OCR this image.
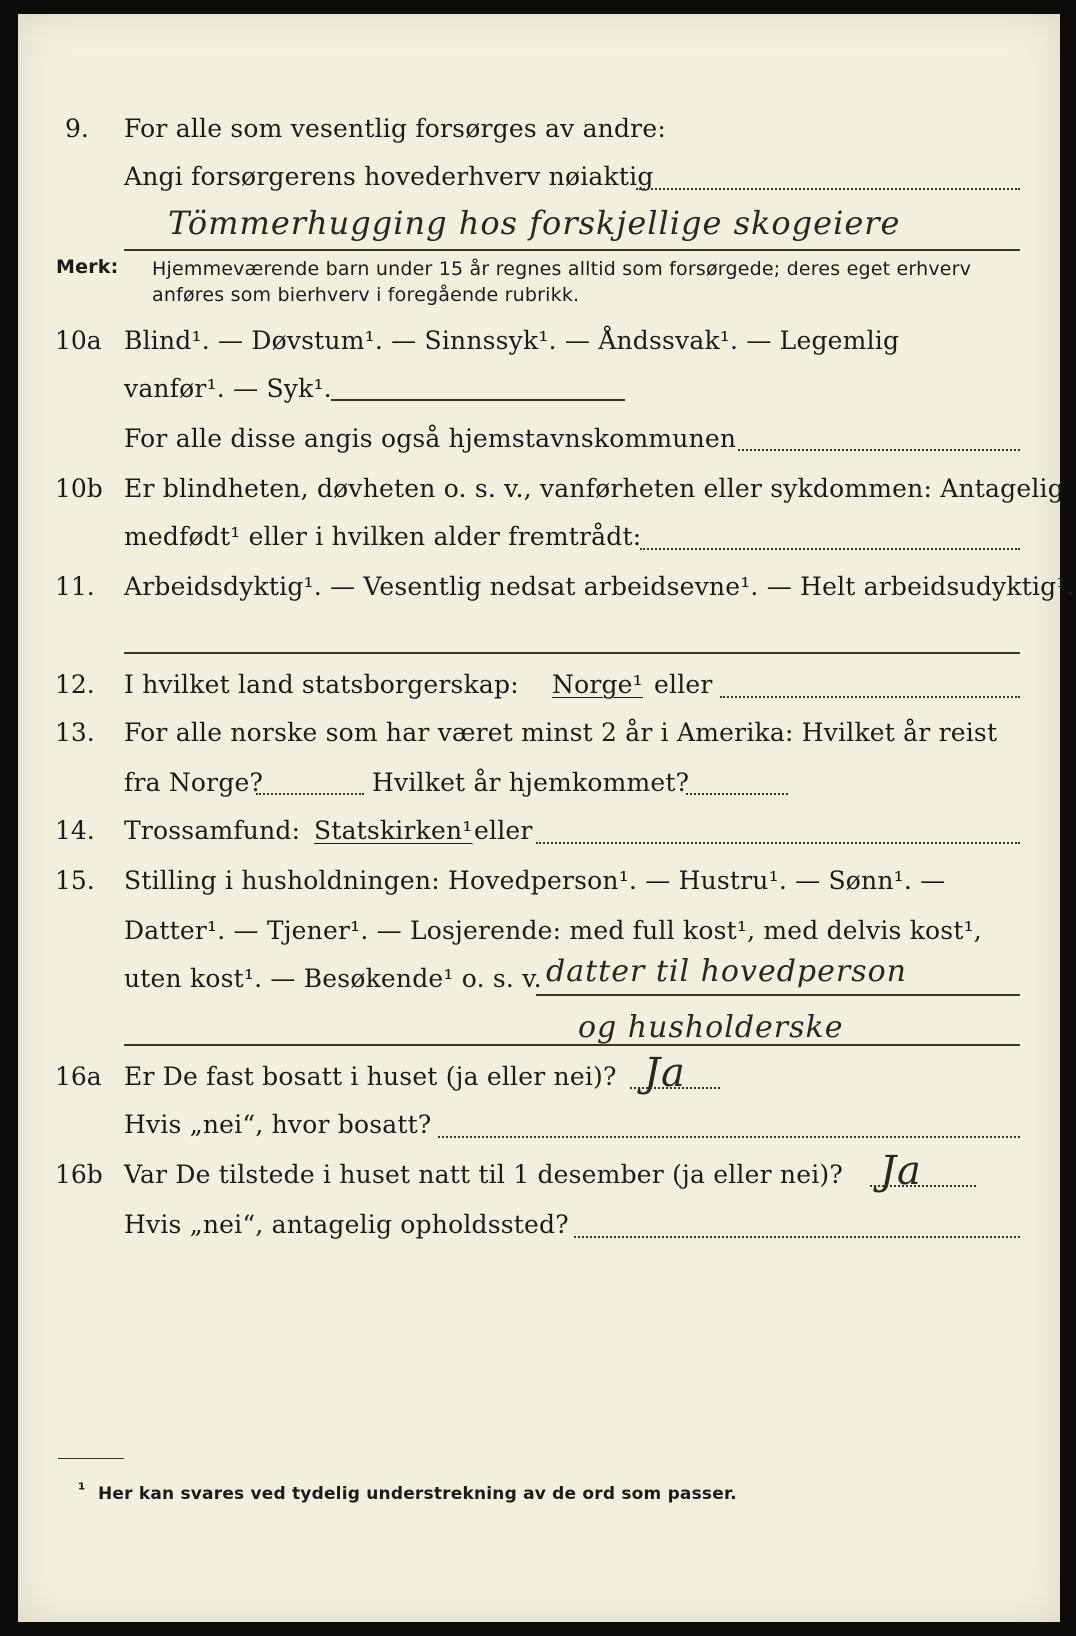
9. For alle som vesentlig forsørges av andre:
Angi forsørgerens hovederhverv nøiaktig
Tömmerhugging hos forskjellige skogeiere
Merk: Hjemmeværende barn under 15 år regnes alltid som forsørgede; deres eget erhverv
anføres som bierhverv i foregående rubrikk.
10a Blind¹. — Døvstum¹. — Sinnssyk¹. — Åndssvak¹. — Legemlig
vanfør¹. — Syk¹.
For alle disse angis også hjemstavnskommunen
10b Er blindheten, døvheten o. s. v., vanførheten eller sykdommen: Antagelig
medfødt¹ eller i hvilken alder fremtrådt:
11. Arbeidsdyktig¹. — Vesentlig nedsat arbeidsevne¹. — Helt arbeidsudyktig¹.
12. I hvilket land statsborgerskap: Norge¹ eller
13. For alle norske som har været minst 2 år i Amerika: Hvilket år reist
fra Norge?	Hvilket år hjemkommet?
14. Trossamfund: Statskirken¹ eller
15. Stilling i husholdningen: Hovedperson¹. — Hustru¹. — Sønn¹. —
Datter¹. — Tjener¹. — Losjerende: med full kost¹, med delvis kost¹,
uten kost¹. — Besøkende¹ o. s. v. datter til hovedperson
og husholderske
16a Er De fast bosatt i huset (ja eller nei)? Ja
Hvis „nei“, hvor bosatt?
16b Var De tilstede i huset natt til 1 desember (ja eller nei)? Ja
Hvis „nei“, antagelig opholdssted?
¹ Her kan svares ved tydelig understrekning av de ord som passer.
